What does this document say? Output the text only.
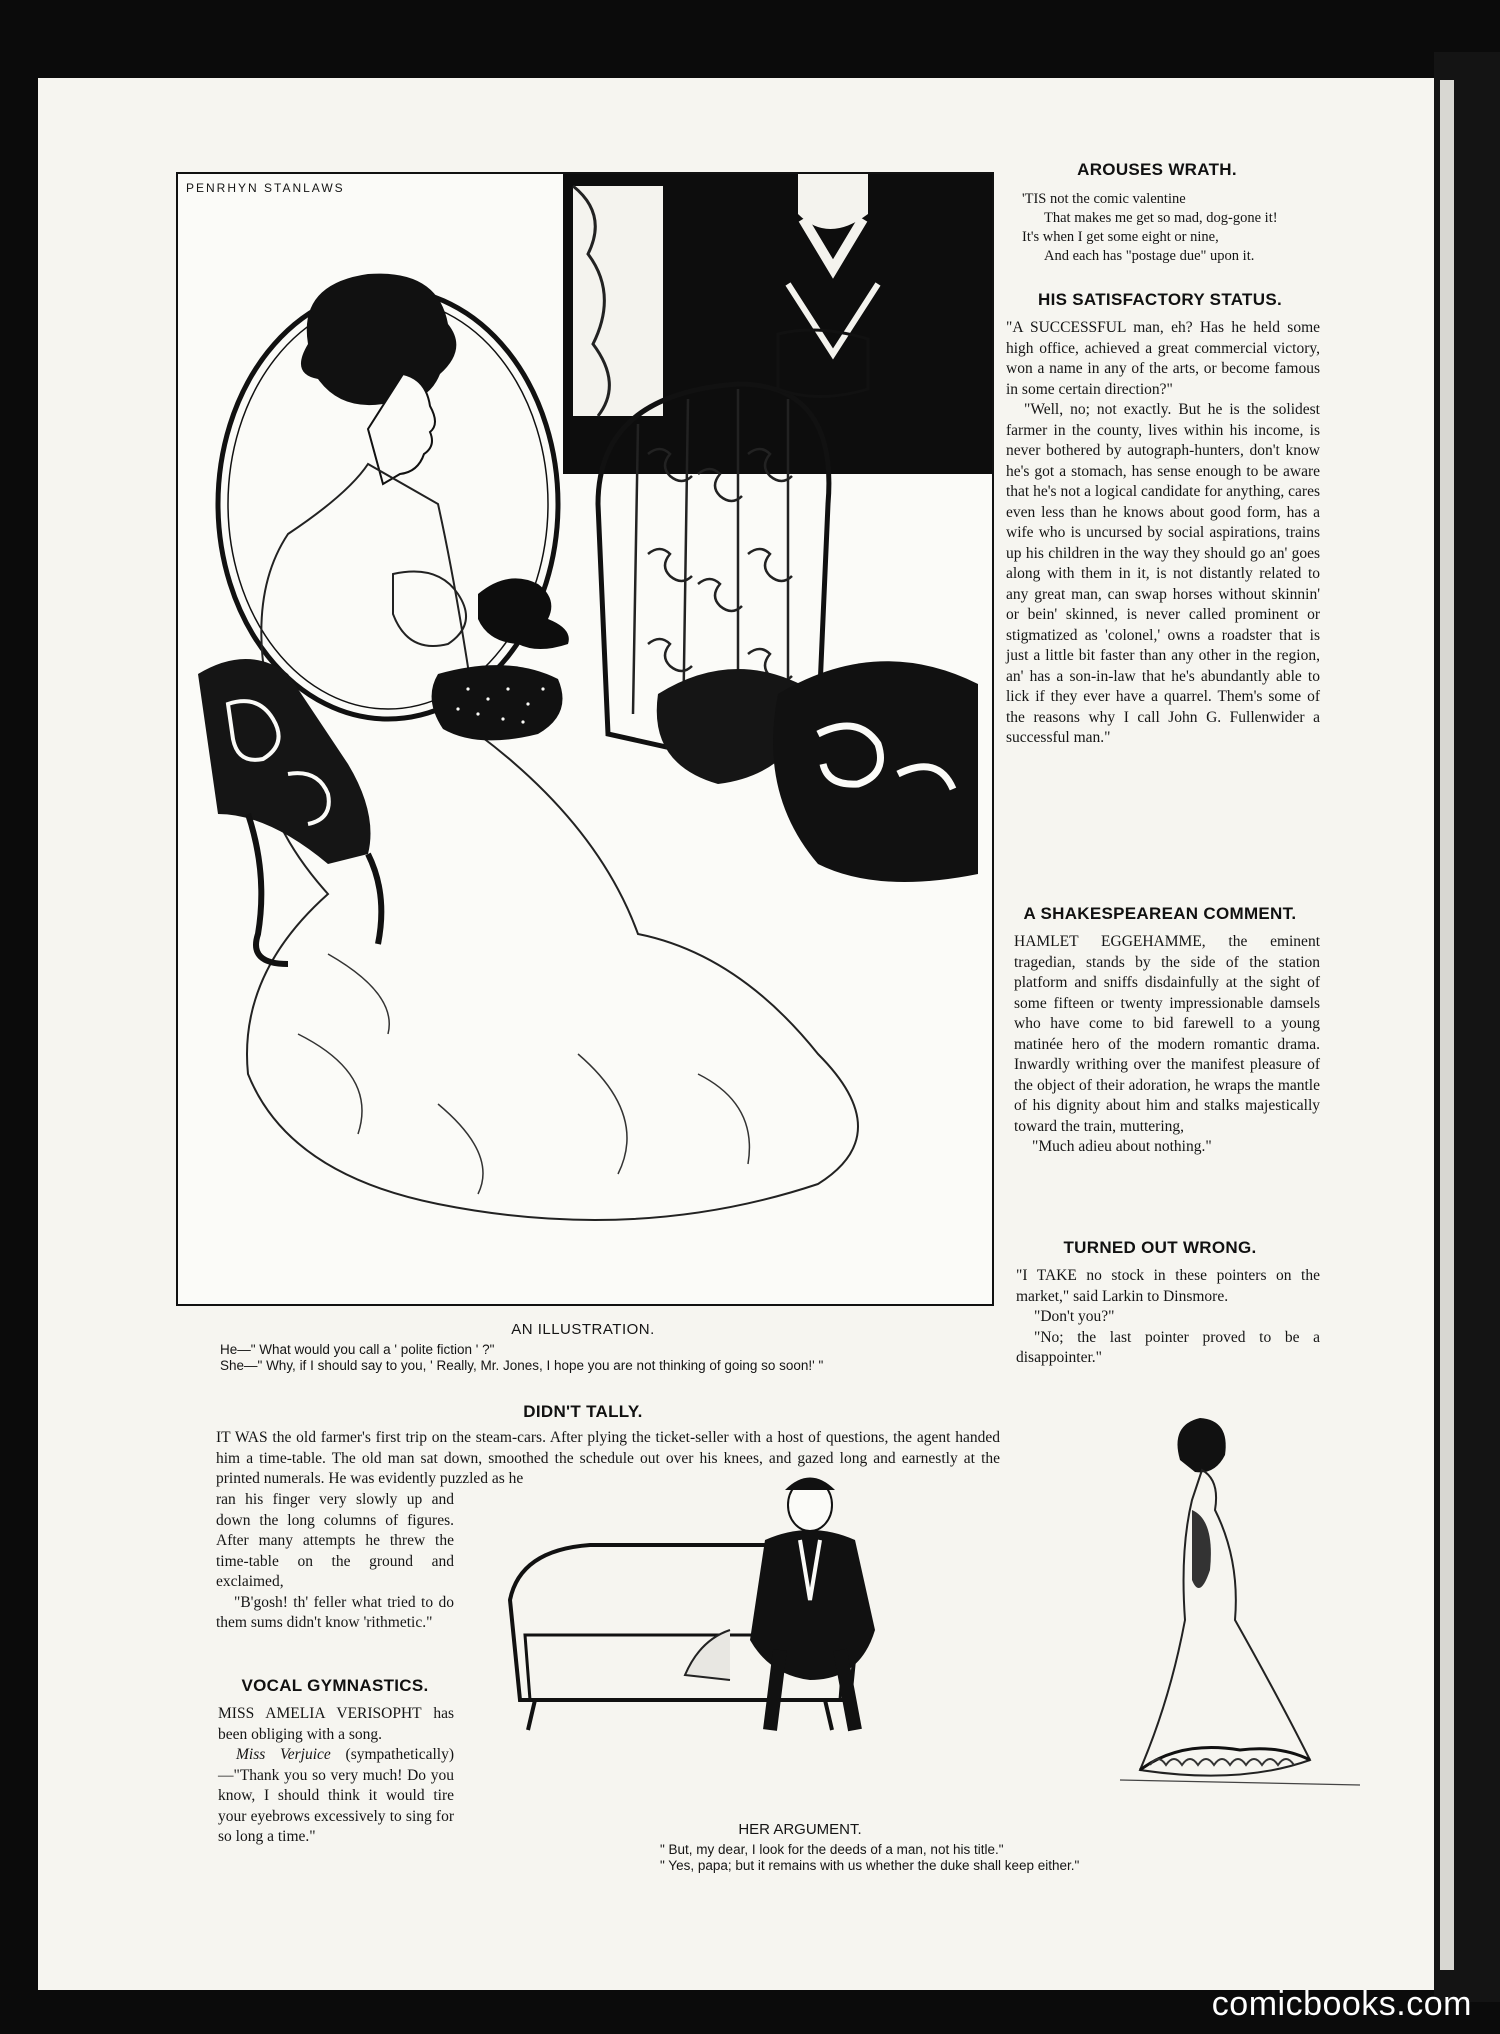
PENRHYN STANLAWS
AN ILLUSTRATION.
He—" What would you call a ' polite fiction ' ?"
She—" Why, if I should say to you, ' Really, Mr. Jones, I hope you are not thinking of going so soon!' "
AROUSES WRATH.

'TIS not the comic valentine

That makes me get so mad, dog-gone it!

It's when I get some eight or nine,

And each has "postage due" upon it.

HIS SATISFACTORY STATUS.

"A SUCCESSFUL man, eh? Has he held some high office, achieved a great commercial victory, won a name in any of the arts, or become famous in some certain direction?"

"Well, no; not exactly. But he is the solidest farmer in the county, lives within his income, is never bothered by autograph-hunters, don't know he's got a stomach, has sense enough to be aware that he's not a logical candidate for anything, cares even less than he knows about good form, has a wife who is uncursed by social aspirations, trains up his children in the way they should go an' goes along with them in it, is not distantly related to any great man, can swap horses without skinnin' or bein' skinned, is never called prominent or stigmatized as 'colonel,' owns a roadster that is just a little bit faster than any other in the region, an' has a son-in-law that he's abundantly able to lick if they ever have a quarrel. Them's some of the reasons why I call John G. Fullenwider a successful man."

A SHAKESPEAREAN COMMENT.

HAMLET EGGEHAMME, the eminent tragedian, stands by the side of the station platform and sniffs disdainfully at the sight of some fifteen or twenty impressionable damsels who have come to bid farewell to a young matinée hero of the modern romantic drama. Inwardly writhing over the manifest pleasure of the object of their adoration, he wraps the mantle of his dignity about him and stalks majestically toward the train, muttering,

"Much adieu about nothing."

TURNED OUT WRONG.

"I TAKE no stock in these pointers on the market," said Larkin to Dinsmore.

"Don't you?"

"No; the last pointer proved to be a disappointer."

DIDN'T TALLY.

IT WAS the old farmer's first trip on the steam-cars. After plying the ticket-seller with a host of questions, the agent handed him a time-table. The old man sat down, smoothed the schedule out over his knees, and gazed long and earnestly at the printed numerals. He was evidently puzzled as he

ran his finger very slowly up and down the long columns of figures. After many attempts he threw the time-table on the ground and exclaimed,

"B'gosh! th' feller what tried to do them sums didn't know 'rithmetic."

VOCAL GYMNASTICS.

MISS AMELIA VERISOPHT has been obliging with a song.

Miss Verjuice (sympathetically)—"Thank you so very much! Do you know, I should think it would tire your eyebrows excessively to sing for so long a time."	HER ARGUMENT.
" But, my dear, I look for the deeds of a man, not his title."
" Yes, papa; but it remains with us whether the duke shall keep either."
comicbooks.com
